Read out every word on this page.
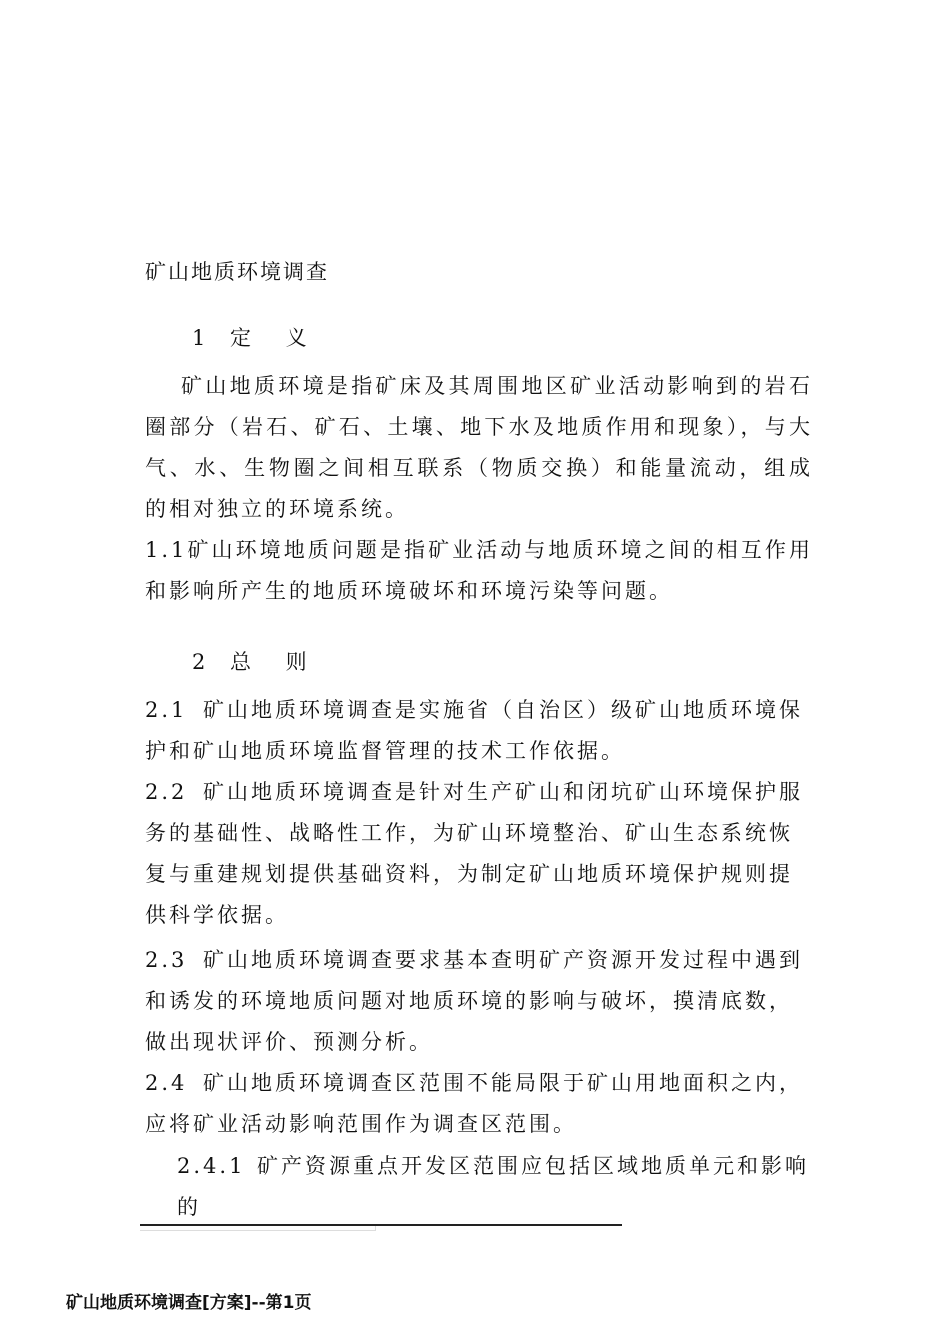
矿山地质环境调查
1 定 义
矿山地质环境是指矿床及其周围地区矿业活动影响到的岩石圈部分（岩石、矿石、土壤、地下水及地质作用和现象），与大气、水、生物圈之间相互联系（物质交换）和能量流动，组成的相对独立的环境系统。
1.1矿山环境地质问题是指矿业活动与地质环境之间的相互作用和影响所产生的地质环境破坏和环境污染等问题。
2 总 则
2.1 矿山地质环境调查是实施省（自治区）级矿山地质环境保护和矿山地质环境监督管理的技术工作依据。
2.2 矿山地质环境调查是针对生产矿山和闭坑矿山环境保护服务的基础性、战略性工作，为矿山环境整治、矿山生态系统恢复与重建规划提供基础资料，为制定矿山地质环境保护规则提供科学依据。
2.3 矿山地质环境调查要求基本查明矿产资源开发过程中遇到和诱发的环境地质问题对地质环境的影响与破坏，摸清底数，做出现状评价、预测分析。
2.4 矿山地质环境调查区范围不能局限于矿山用地面积之内，应将矿业活动影响范围作为调查区范围。
2.4.1 矿产资源重点开发区范围应包括区域地质单元和影响的
矿山地质环境调查[方案]--第1页
